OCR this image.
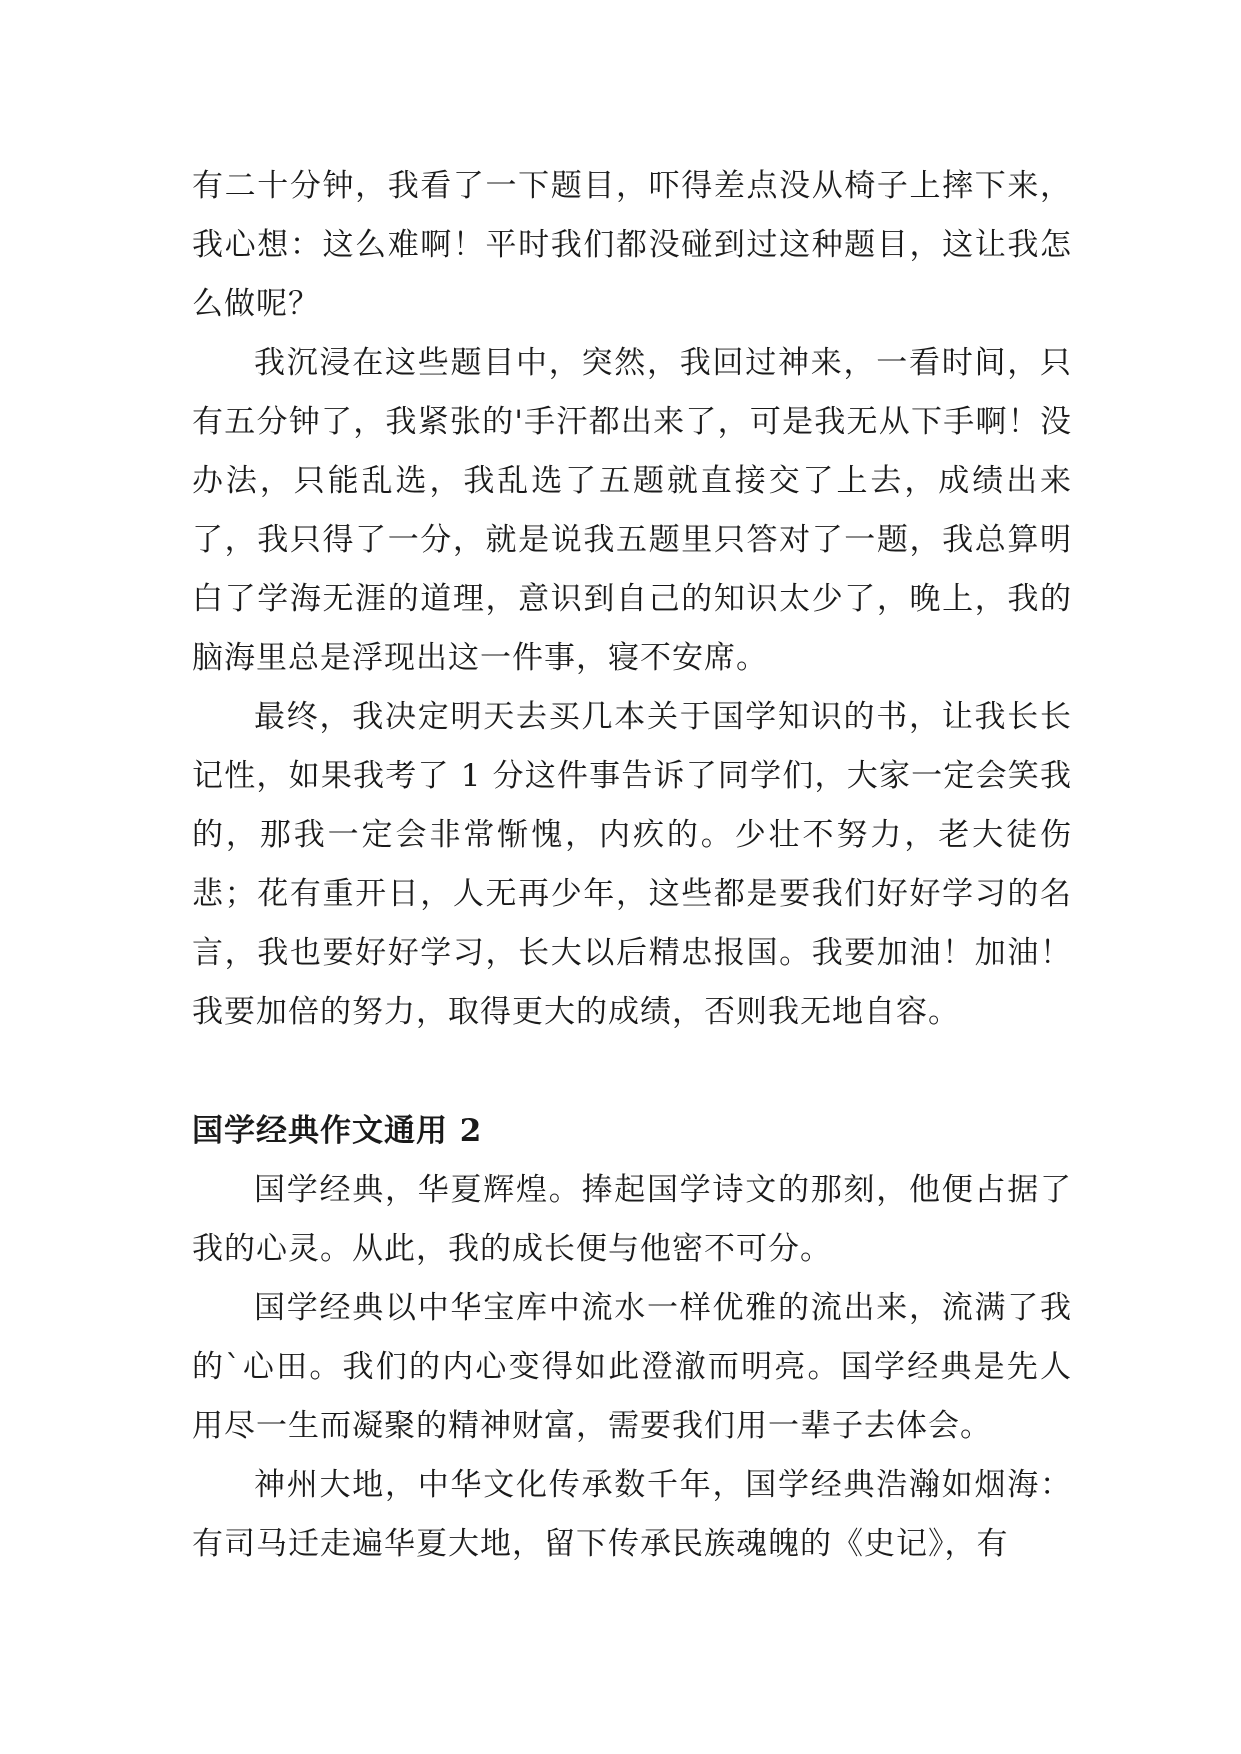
有二十分钟，我看了一下题目，吓得差点没从椅子上摔下来，我心想：这么难啊！平时我们都没碰到过这种题目，这让我怎么做呢？

我沉浸在这些题目中，突然，我回过神来，一看时间，只有五分钟了，我紧张的'手汗都出来了，可是我无从下手啊！没办法，只能乱选，我乱选了五题就直接交了上去，成绩出来了，我只得了一分，就是说我五题里只答对了一题，我总算明白了学海无涯的道理，意识到自己的知识太少了，晚上，我的脑海里总是浮现出这一件事，寝不安席。

最终，我决定明天去买几本关于国学知识的书，让我长长记性，如果我考了 1 分这件事告诉了同学们，大家一定会笑我的，那我一定会非常惭愧，内疚的。少壮不努力，老大徒伤悲；花有重开日，人无再少年，这些都是要我们好好学习的名言，我也要好好学习，长大以后精忠报国。我要加油！加油！我要加倍的努力，取得更大的成绩，否则我无地自容。

国学经典作文通用 2

国学经典，华夏辉煌。捧起国学诗文的那刻，他便占据了我的心灵。从此，我的成长便与他密不可分。

国学经典以中华宝库中流水一样优雅的流出来，流满了我的`心田。我们的内心变得如此澄澈而明亮。国学经典是先人用尽一生而凝聚的精神财富，需要我们用一辈子去体会。

神州大地，中华文化传承数千年，国学经典浩瀚如烟海：有司马迁走遍华夏大地，留下传承民族魂魄的《史记》，有
